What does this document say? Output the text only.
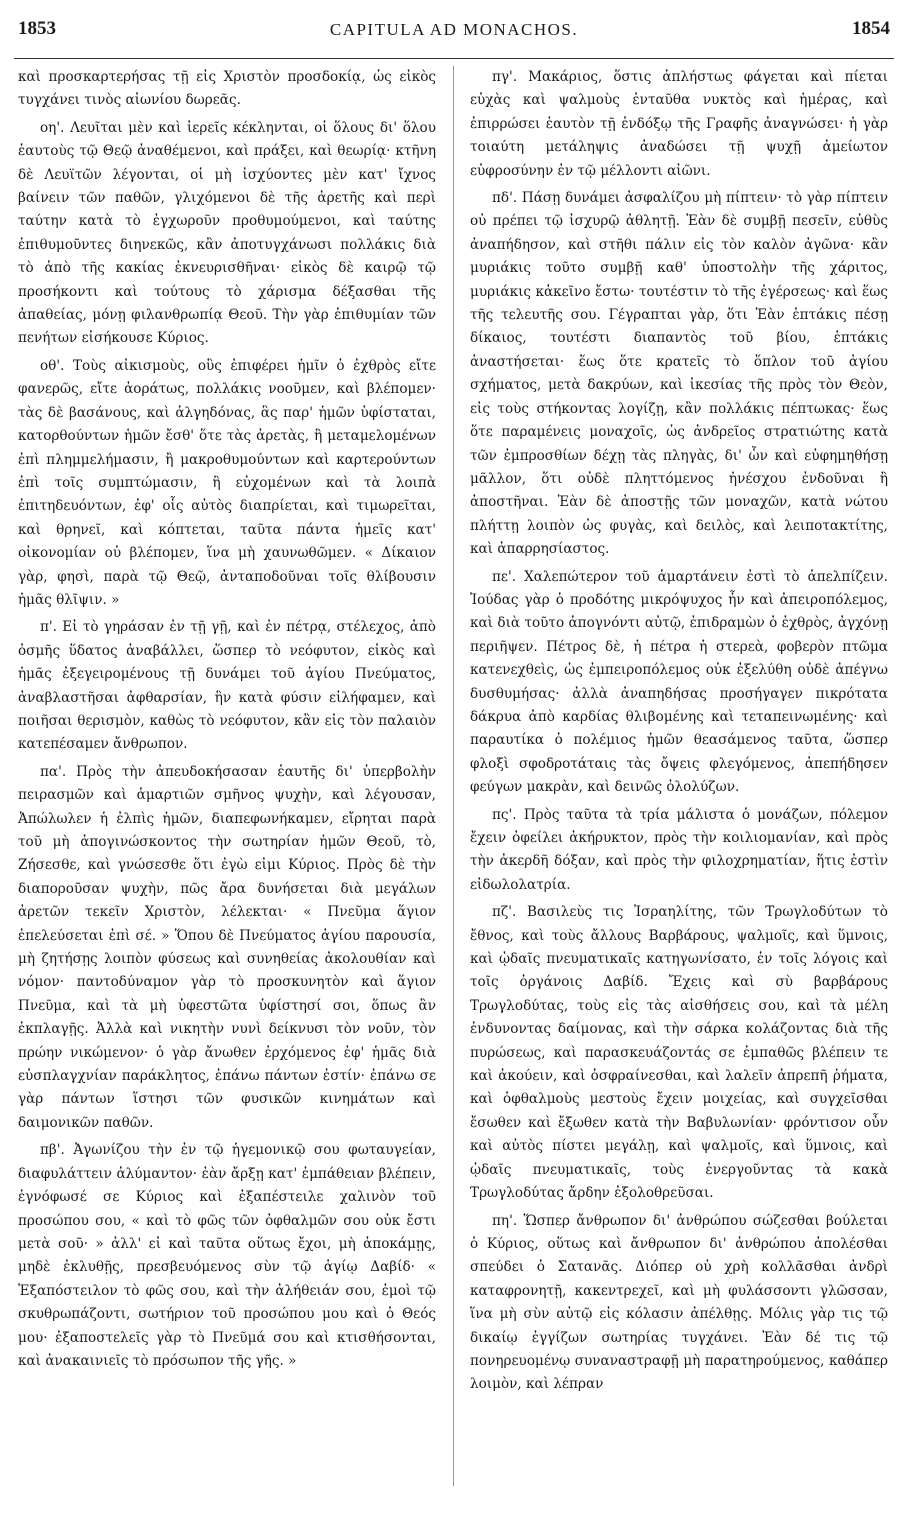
1853	CAPITULA AD MONACHOS.	1854

καὶ προσκαρτερήσας τῇ εἰς Χριστὸν προσδοκίᾳ, ὡς εἰκὸς τυγχάνει τινὸς αἰωνίου δωρεᾶς.

οη'. Λευῖται μὲν καὶ ἱερεῖς κέκληνται, οἱ ὅλους δι' ὅλου ἑαυτοὺς τῷ Θεῷ ἀναθέμενοι, καὶ πράξει, καὶ θεωρίᾳ· κτῆνη δὲ Λευϊτῶν λέγονται, οἱ μὴ ἰσχύοντες μὲν κατ' ἴχνος βαίνειν τῶν παθῶν, γλιχόμενοι δὲ τῆς ἀρετῆς καὶ περὶ ταύτην κατὰ τὸ ἐγχωροῦν προθυμούμενοι, καὶ ταύτης ἐπιθυμοῦντες διηνεκῶς, κἂν ἀποτυγχάνωσι πολλάκις διὰ τὸ ἀπὸ τῆς κακίας ἐκνευρισθῆναι· εἰκὸς δὲ καιρῷ τῷ προσήκοντι καὶ τούτους τὸ χάρισμα δέξασθαι τῆς ἀπαθείας, μόνῃ φιλανθρωπίᾳ Θεοῦ. Τὴν γὰρ ἐπιθυμίαν τῶν πενήτων εἰσήκουσε Κύριος.

οθ'. Τοὺς αἰκισμοὺς, οὓς ἐπιφέρει ἡμῖν ὁ ἐχθρὸς εἴτε φανερῶς, εἴτε ἀοράτως, πολλάκις νοοῦμεν, καὶ βλέπομεν· τὰς δὲ βασάνους, καὶ ἀλγηδόνας, ἃς παρ' ἡμῶν ὑφίσταται, κατορθούντων ἡμῶν ἔσθ' ὅτε τὰς ἀρετὰς, ἢ μεταμελομένων ἐπὶ πλημμελήμασιν, ἢ μακροθυμούντων καὶ καρτερούντων ἐπὶ τοῖς συμπτώμασιν, ἢ εὐχομένων καὶ τὰ λοιπὰ ἐπιτηδευόντων, ἐφ' οἷς αὐτὸς διαπρίεται, καὶ τιμωρεῖται, καὶ θρηνεῖ, καὶ κόπτεται, ταῦτα πάντα ἡμεῖς κατ' οἰκονομίαν οὐ βλέπομεν, ἵνα μὴ χαυνωθῶμεν. « Δίκαιον γὰρ, φησὶ, παρὰ τῷ Θεῷ, ἀνταποδοῦναι τοῖς θλίβουσιν ἡμᾶς θλῖψιν. »

π'. Εἰ τὸ γηράσαν ἐν τῇ γῇ, καὶ ἐν πέτρᾳ, στέλεχος, ἀπὸ ὀσμῆς ὕδατος ἀναβάλλει, ὥσπερ τὸ νεόφυτον, εἰκὸς καὶ ἡμᾶς ἐξεγειρομένους τῇ δυνάμει τοῦ ἁγίου Πνεύματος, ἀναβλαστῆσαι ἀφθαρσίαν, ἣν κατὰ φύσιν εἰλήφαμεν, καὶ ποιῆσαι θερισμὸν, καθὼς τὸ νεόφυτον, κἂν εἰς τὸν παλαιὸν κατεπέσαμεν ἄνθρωπον.

πα'. Πρὸς τὴν ἀπευδοκήσασαν ἑαυτῆς δι' ὑπερβολὴν πειρασμῶν καὶ ἁμαρτιῶν σμῆνος ψυχὴν, καὶ λέγουσαν, Ἀπώλωλεν ἡ ἐλπὶς ἡμῶν, διαπεφωνήκαμεν, εἴρηται παρὰ τοῦ μὴ ἀπογινώσκοντος τὴν σωτηρίαν ἡμῶν Θεοῦ, τὸ, Ζήσεσθε, καὶ γνώσεσθε ὅτι ἐγὼ εἰμι Κύριος. Πρὸς δὲ τὴν διαποροῦσαν ψυχὴν, πῶς ἄρα δυνήσεται διὰ μεγάλων ἀρετῶν τεκεῖν Χριστὸν, λέλεκται· « Πνεῦμα ἅγιον ἐπελεύσεται ἐπὶ σέ. » Ὅπου δὲ Πνεύματος ἁγίου παρουσία, μὴ ζητήσῃς λοιπὸν φύσεως καὶ συνηθείας ἀκολουθίαν καὶ νόμον· παντοδύναμον γὰρ τὸ προσκυνητὸν καὶ ἅγιον Πνεῦμα, καὶ τὰ μὴ ὑφεστῶτα ὑφίστησί σοι, ὅπως ἂν ἐκπλαγῇς. Ἀλλὰ καὶ νικητὴν νυνὶ δείκνυσι τὸν νοῦν, τὸν πρώην νικώμενον· ὁ γὰρ ἄνωθεν ἐρχόμενος ἐφ' ἡμᾶς διὰ εὐσπλαγχνίαν παράκλητος, ἐπάνω πάντων ἐστίν· ἐπάνω σε γὰρ πάντων ἵστησι τῶν φυσικῶν κινημάτων καὶ δαιμονικῶν παθῶν.

πβ'. Ἀγωνίζου τὴν ἐν τῷ ἡγεμονικῷ σου φωταυγείαν, διαφυλάττειν ἀλύμαντον· ἐὰν ἄρξῃ κατ' ἐμπάθειαν βλέπειν, ἐγνόφωσέ σε Κύριος καὶ ἐξαπέστειλε χαλινὸν τοῦ προσώπου σου, « καὶ τὸ φῶς τῶν ὀφθαλμῶν σου οὐκ ἔστι μετὰ σοῦ· » ἀλλ' εἰ καὶ ταῦτα οὕτως ἔχοι, μὴ ἀποκάμῃς, μηδὲ ἐκλυθῇς, πρεσβευόμενος σὺν τῷ ἁγίῳ Δαβίδ· « Ἐξαπόστειλον τὸ φῶς σου, καὶ τὴν ἀλήθειάν σου, ἐμοὶ τῷ σκυθρωπάζοντι, σωτήριον τοῦ προσώπου μου καὶ ὁ Θεός μου· ἐξαποστελεῖς γὰρ τὸ Πνεῦμά σου καὶ κτισθήσονται, καὶ ἀνακαινιεῖς τὸ πρόσωπον τῆς γῆς. »

πγ'. Μακάριος, ὅστις ἀπλήστως φάγεται καὶ πίεται εὐχὰς καὶ ψαλμοὺς ἐνταῦθα νυκτὸς καὶ ἡμέρας, καὶ ἐπιρρώσει ἑαυτὸν τῇ ἐνδόξῳ τῆς Γραφῆς ἀναγνώσει· ἡ γὰρ τοιαύτη μετάληψις ἀναδώσει τῇ ψυχῇ ἀμείωτον εὐφροσύνην ἐν τῷ μέλλοντι αἰῶνι.

πδ'. Πάσῃ δυνάμει ἀσφαλίζου μὴ πίπτειν· τὸ γὰρ πίπτειν οὐ πρέπει τῷ ἰσχυρῷ ἀθλητῇ. Ἐὰν δὲ συμβῇ πεσεῖν, εὐθὺς ἀναπήδησον, καὶ στῆθι πάλιν εἰς τὸν καλὸν ἀγῶνα· κἂν μυριάκις τοῦτο συμβῇ καθ' ὑποστολὴν τῆς χάριτος, μυριάκις κἀκεῖνο ἔστω· τουτέστιν τὸ τῆς ἐγέρσεως· καὶ ἕως τῆς τελευτῆς σου. Γέγραπται γὰρ, ὅτι Ἐὰν ἑπτάκις πέσῃ δίκαιος, τουτέστι διαπαντὸς τοῦ βίου, ἑπτάκις ἀναστήσεται· ἕως ὅτε κρατεῖς τὸ ὅπλον τοῦ ἁγίου σχήματος, μετὰ δακρύων, καὶ ἱκεσίας τῆς πρὸς τὸν Θεὸν, εἰς τοὺς στήκοντας λογίζῃ, κἂν πολλάκις πέπτωκας· ἕως ὅτε παραμένεις μοναχοῖς, ὡς ἀνδρεῖος στρατιώτης κατὰ τῶν ἐμπροσθίων δέχῃ τὰς πληγὰς, δι' ὧν καὶ εὐφημηθήσῃ μᾶλλον, ὅτι οὐδὲ πληττόμενος ἠνέσχου ἐνδοῦναι ἢ ἀποστῆναι. Ἐὰν δὲ ἀποστῇς τῶν μοναχῶν, κατὰ νώτου πλήττῃ λοιπὸν ὡς φυγὰς, καὶ δειλὸς, καὶ λειποτακτίτης, καὶ ἀπαρρησίαστος.

πε'. Χαλεπώτερον τοῦ ἁμαρτάνειν ἐστὶ τὸ ἀπελπίζειν. Ἰούδας γὰρ ὁ προδότης μικρόψυχος ἦν καὶ ἀπειροπόλεμος, καὶ διὰ τοῦτο ἀπογνόντι αὐτῷ, ἐπιδραμὼν ὁ ἐχθρὸς, ἀγχόνῃ περιῆψεν. Πέτρος δὲ, ἡ πέτρα ἡ στερεὰ, φοβερὸν πτῶμα κατενεχθεὶς, ὡς ἐμπειροπόλεμος οὐκ ἐξελύθη οὐδὲ ἀπέγνω δυσθυμήσας· ἀλλὰ ἀναπηδήσας προσήγαγεν πικρότατα δάκρυα ἀπὸ καρδίας θλιβομένης καὶ τεταπεινωμένης· καὶ παραυτίκα ὁ πολέμιος ἡμῶν θεασάμενος ταῦτα, ὥσπερ φλοξὶ σφοδροτάταις τὰς ὄψεις φλεγόμενος, ἀπεπήδησεν φεύγων μακρὰν, καὶ δεινῶς ὀλολύζων.

πς'. Πρὸς ταῦτα τὰ τρία μάλιστα ὁ μονάζων, πόλεμον ἔχειν ὀφείλει ἀκήρυκτον, πρὸς τὴν κοιλιομανίαν, καὶ πρὸς τὴν ἀκερδῆ δόξαν, καὶ πρὸς τὴν φιλοχρηματίαν, ἥτις ἐστὶν εἰδωλολατρία.

πζ'. Βασιλεὺς τις Ἰσραηλίτης, τῶν Τρωγλοδύτων τὸ ἔθνος, καὶ τοὺς ἄλλους Βαρβάρους, ψαλμοῖς, καὶ ὕμνοις, καὶ ᾠδαῖς πνευματικαῖς κατηγωνίσατο, ἐν τοῖς λόγοις καὶ τοῖς ὀργάνοις Δαβίδ. Ἔχεις καὶ σὺ βαρβάρους Τρωγλοδύτας, τοὺς εἰς τὰς αἰσθήσεις σου, καὶ τὰ μέλη ἐνδυνοντας δαίμονας, καὶ τὴν σάρκα κολάζοντας διὰ τῆς πυρώσεως, καὶ παρασκευάζοντάς σε ἐμπαθῶς βλέπειν τε καὶ ἀκούειν, καὶ ὀσφραίνεσθαι, καὶ λαλεῖν ἀπρεπῆ ῥήματα, καὶ ὀφθαλμοὺς μεστοὺς ἔχειν μοιχείας, καὶ συγχεῖσθαι ἔσωθεν καὶ ἔξωθεν κατὰ τὴν Βαβυλωνίαν· φρόντισον οὖν καὶ αὐτὸς πίστει μεγάλῃ, καὶ ψαλμοῖς, καὶ ὕμνοις, καὶ ᾠδαῖς πνευματικαῖς, τοὺς ἐνεργοῦντας τὰ κακὰ Τρωγλοδύτας ἄρδην ἐξολοθρεῦσαι.

πη'. Ὥσπερ ἄνθρωπον δι' ἀνθρώπου σώζεσθαι βούλεται ὁ Κύριος, οὕτως καὶ ἄνθρωπον δι' ἀνθρώπου ἀπολέσθαι σπεύδει ὁ Σατανᾶς. Διόπερ οὐ χρὴ κολλᾶσθαι ἀνδρὶ καταφρονητῇ, κακεντρεχεῖ, καὶ μὴ φυλάσσοντι γλῶσσαν, ἵνα μὴ σὺν αὐτῷ εἰς κόλασιν ἀπέλθῃς. Μόλις γὰρ τις τῷ δικαίῳ ἐγγίζων σωτηρίας τυγχάνει. Ἐὰν δέ τις τῷ πονηρευομένῳ συναναστραφῇ μὴ παρατηρούμενος, καθάπερ λοιμὸν, καὶ λέπραν
